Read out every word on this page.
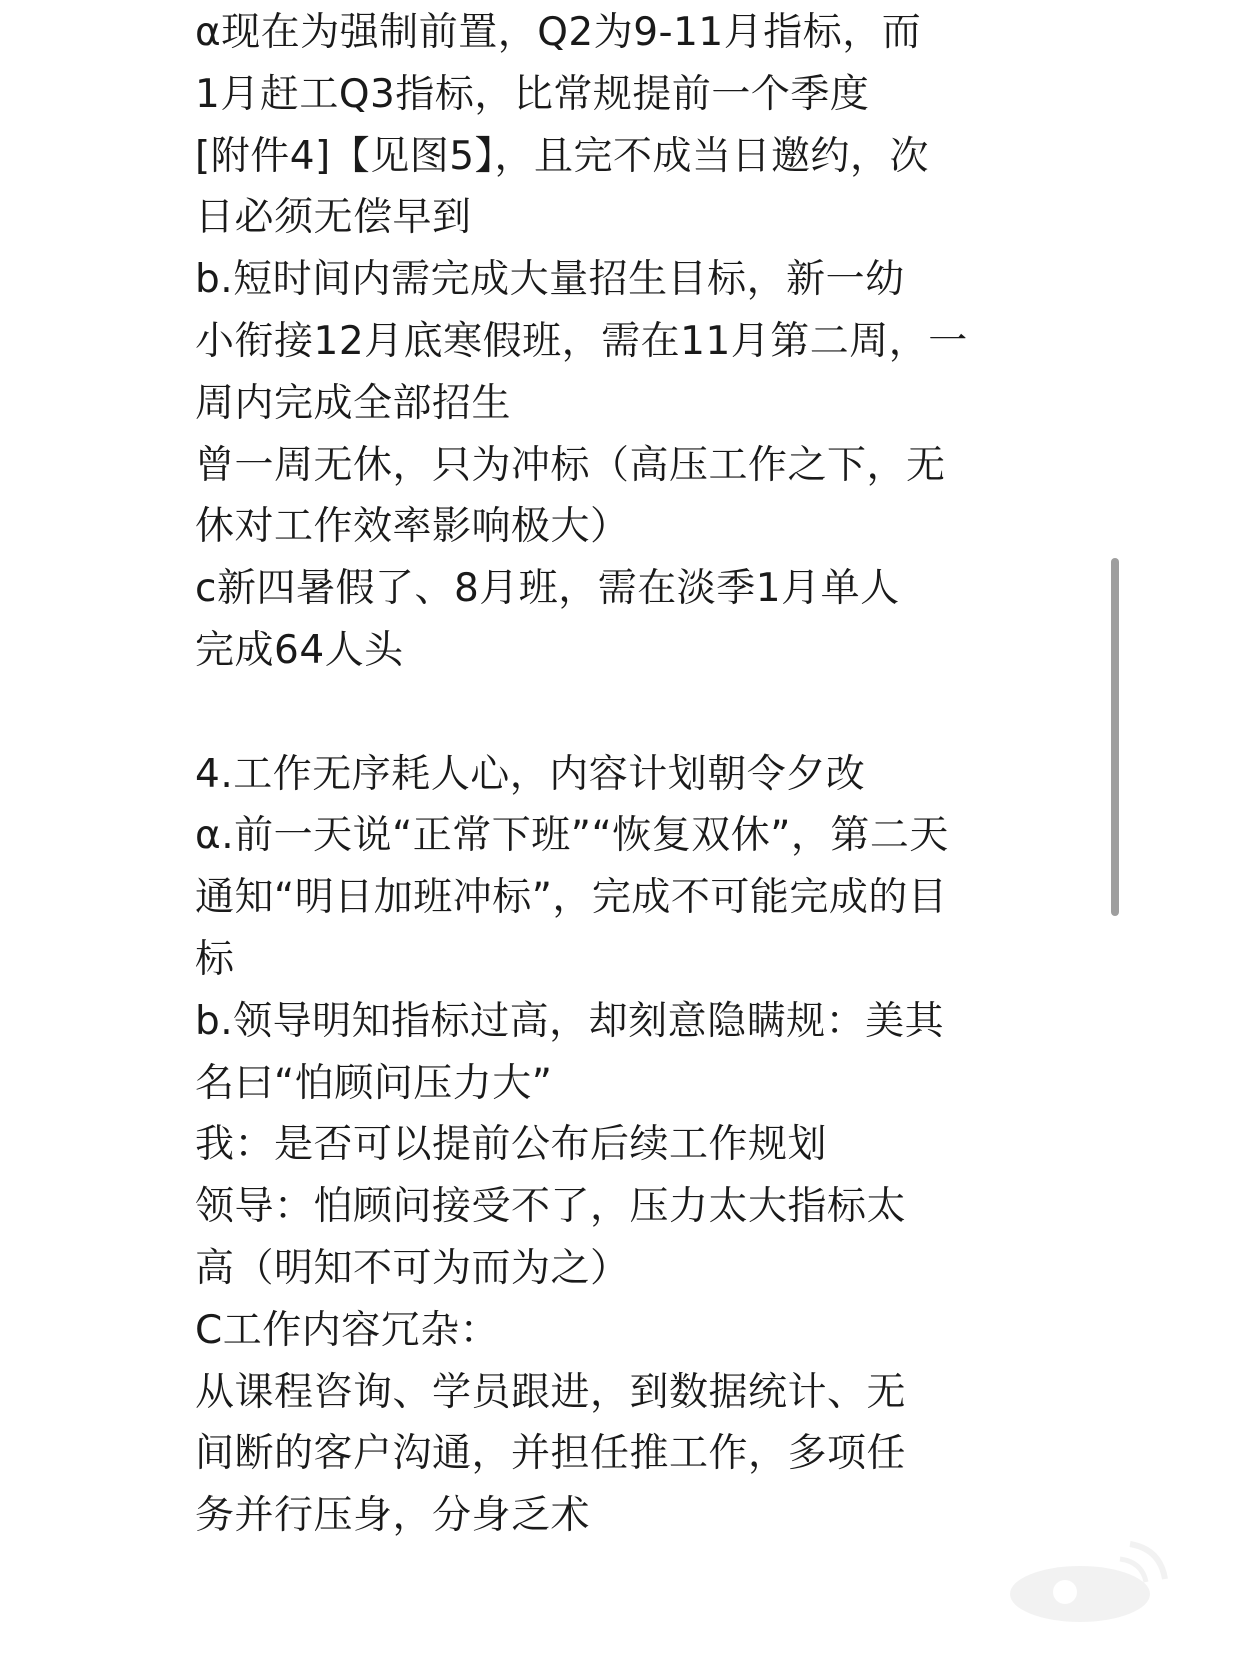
α现在为强制前置，Q2为9-11月指标，而
1月赶工Q3指标，比常规提前一个季度
[附件4]【见图5】，且完不成当日邀约，次
日必须无偿早到
b.短时间内需完成大量招生目标，新一幼
小衔接12月底寒假班，需在11月第二周，一
周内完成全部招生
曾一周无休，只为冲标（高压工作之下，无
休对工作效率影响极大）
c新四暑假了、8月班，需在淡季1月单人
完成64人头
4.工作无序耗人心，内容计划朝令夕改
α.前一天说“正常下班”“恢复双休”，第二天
通知“明日加班冲标”，完成不可能完成的目
标
b.领导明知指标过高，却刻意隐瞒规：美其
名曰“怕顾问压力大”
我：是否可以提前公布后续工作规划
领导：怕顾问接受不了，压力太大指标太
高（明知不可为而为之）
C工作内容冗杂：
从课程咨询、学员跟进，到数据统计、无
间断的客户沟通，并担任推工作，多项任
务并行压身，分身乏术
